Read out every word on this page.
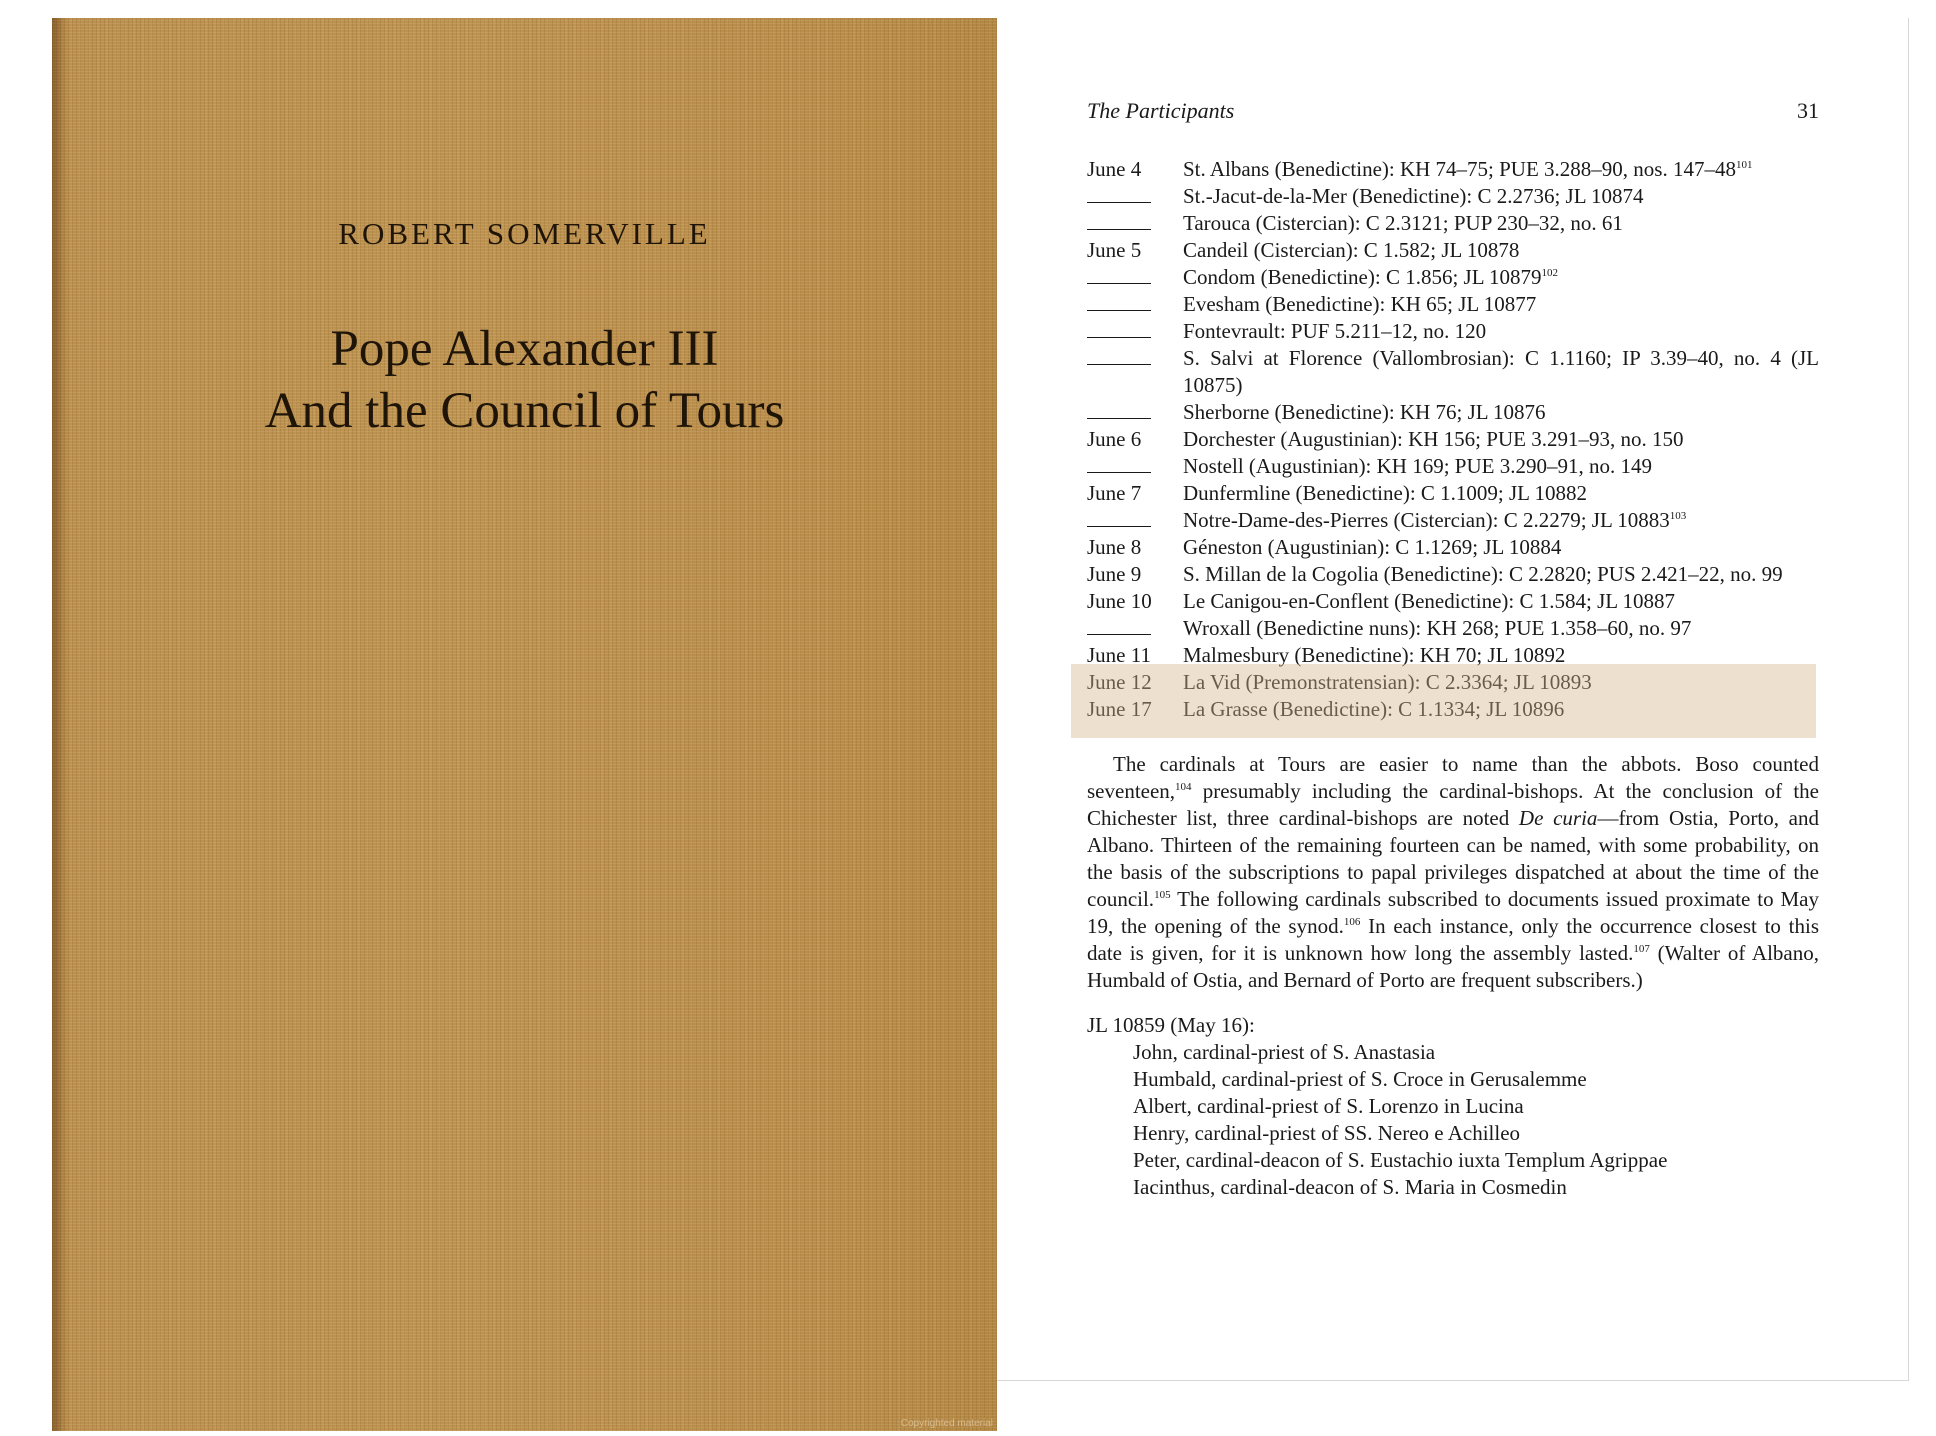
ROBERT SOMERVILLE
Pope Alexander III
And the Council of Tours
Copyrighted material
The Participants	31
June 4	St. Albans (Benedictine): KH 74–75; PUE 3.288–90, nos. $147-48^{101}$
St.-Jacut-de-la-Mer (Benedictine): C 2.2736; JL 10874
Tarouca (Cistercian): C 2.3121; PUP 230–32, no. 61
June 5	Candeil (Cistercian): C 1.582; JL 10878
Condom (Benedictine): C 1.856; JL 10879$^{102}$
Evesham (Benedictine): KH 65; JL 10877
Fontevrault: PUF 5.211–12, no. 120
S. Salvi at Florence (Vallombrosian): C 1.1160; IP 3.39–40, no. 4 (JL 10875)
Sherborne (Benedictine): KH 76; JL 10876
June 6	Dorchester (Augustinian): KH 156; PUE 3.291–93, no. 150
Nostell (Augustinian): KH 169; PUE 3.290–91, no. 149
June 7	Dunfermline (Benedictine): C 1.1009; JL 10882
Notre-Dame-des-Pierres (Cistercian): C 2.2279; JL 10883$^{103}$
June 8	Géneston (Augustinian): C 1.1269; JL 10884
June 9	S. Millan de la Cogolia (Benedictine): C 2.2820; PUS 2.421–22, no. 99
June 10	Le Canigou-en-Conflent (Benedictine): C 1.584; JL 10887
Wroxall (Benedictine nuns): KH 268; PUE 1.358–60, no. 97
June 11	Malmesbury (Benedictine): KH 70; JL 10892
June 12	La Vid (Premonstratensian): C 2.3364; JL 10893
June 17	La Grasse (Benedictine): C 1.1334; JL 10896
The cardinals at Tours are easier to name than the abbots. Boso counted seventeen,$^{104}$ presumably including the cardinal-bishops. At the conclusion of the Chichester list, three cardinal-bishops are noted De curia—from Ostia, Porto, and Albano. Thirteen of the remaining fourteen can be named, with some probability, on the basis of the subscriptions to papal privileges dispatched at about the time of the council.$^{105}$ The following cardinals subscribed to documents issued proximate to May 19, the opening of the synod.$^{106}$ In each instance, only the occurrence closest to this date is given, for it is unknown how long the assembly lasted.$^{107}$ (Walter of Albano, Humbald of Ostia, and Bernard of Porto are frequent subscribers.)
JL 10859 (May 16):
John, cardinal-priest of S. Anastasia
Humbald, cardinal-priest of S. Croce in Gerusalemme
Albert, cardinal-priest of S. Lorenzo in Lucina
Henry, cardinal-priest of SS. Nereo e Achilleo
Peter, cardinal-deacon of S. Eustachio iuxta Templum Agrippae
Iacinthus, cardinal-deacon of S. Maria in Cosmedin
